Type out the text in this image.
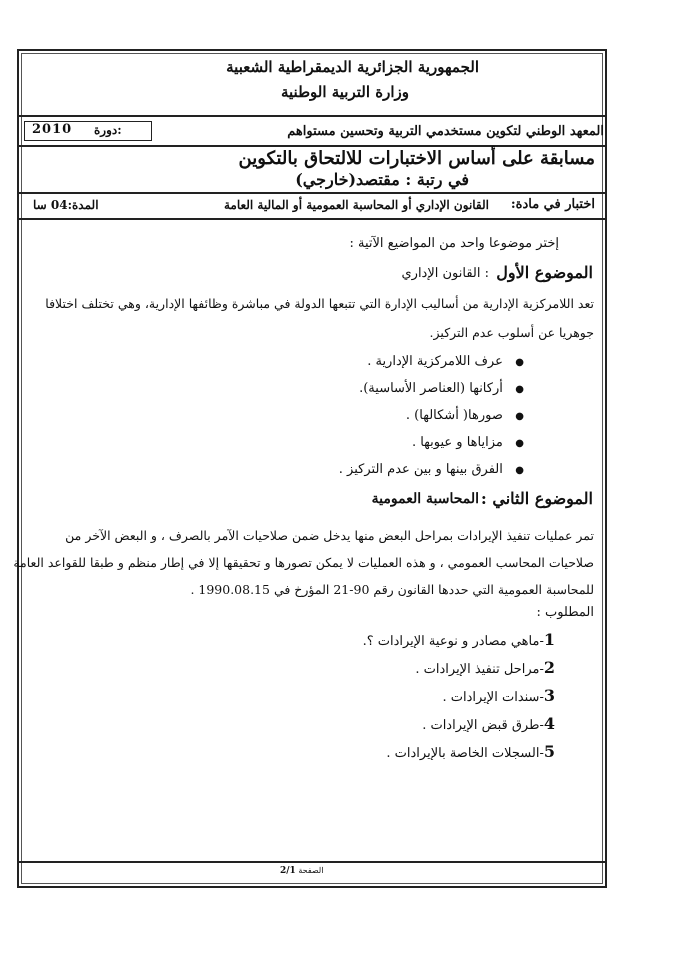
الجمهورية الجزائرية الديمقراطية الشعبية
وزارة التربية الوطنية
المعهد الوطني لتكوين مستخدمي التربية وتحسين مستواهم
دورة:
2010
مسابقة على أساس الاختبارات للالتحاق بالتكوين
في رتبة : مقتصد(خارجي)
اختبار في مادة:
القانون الإداري أو المحاسبة العمومية أو المالية العامة
المدة:04 سا
إختر موضوعا واحد من المواضيع الآتية :
الموضوع الأول
: القانون الإداري
تعد اللامركزية الإدارية من أساليب الإدارة التي تتبعها الدولة في مباشرة وظائفها الإدارية، وهي تختلف اختلافا
جوهريا عن أسلوب عدم التركيز.
●   عرف اللامركزية الإدارية .
●   أركانها (العناصر الأساسية).
●   صورها( أشكالها) .
●   مزاياها و عيوبها .
●   الفرق بينها و بين عدم التركيز .
الموضوع الثاني :
المحاسبة العمومية
تمر عمليات تنفيذ الإيرادات بمراحل البعض منها يدخل ضمن صلاحيات الآمر بالصرف ، و البعض الآخر من
صلاحيات المحاسب العمومي ، و هذه العمليات لا يمكن تصورها و تحقيقها إلا في إطار منظم و طبقا للقواعد العامة
للمحاسبة العمومية التي حددها القانون رقم 90-21 المؤرخ في 1990.08.15 .
المطلوب :
1-ماهي مصادر و نوعية الإيرادات ؟.
2-مراحل تنفيذ الإيرادات .
3-سندات الإيرادات .
4-طرق قبض الإيرادات .
5-السجلات الخاصة بالإيرادات .
الصفحة 2/1
